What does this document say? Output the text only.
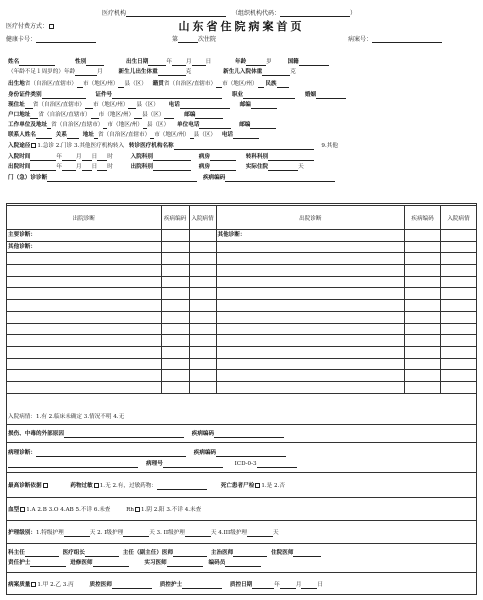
医疗机构	（组织机构代码：	）
医疗付费方式：	山东省住院病案首页
健康卡号：	第	次住院	病案号：
姓名	性别	出生日期	年	月	日	年龄	岁	国籍
（年龄不足１周岁的）年龄	月	新生儿出生体重	克	新生儿入院体重	克
出生地省（自治区/直辖市） 市（地区/州） 县（区） 籍贯省（自治区/直辖市） 市（地区/州） 民族
身份证件类别	证件号	职业	婚姻
现住址 省（自治区/直辖市） 市（地区/州） 县（区） 电话	邮编
户口地址 省（自治区/直辖市） 市（地区/州） 县（区）	邮编
工作单位及地址 省（自治区/直辖市） 市（地区/州） 县（区） 单位电话	邮编
联系人姓名	关系	地址 省（自治区/直辖市） 市（地区/州） 县（区） 电话
入院途径 1.急诊 2.门诊 3.其他医疗机构转入 转诊医疗机构名称	9.其他
入院时间	年	月 日 时	入院科别	病房	转科科别
出院时间	年	月 日 时	出院科别	病房	实际住院	天
门（急）诊诊断	疾病编码
出院诊断	疾病编码	入院病情	出院诊断	疾病编码	入院病情
主要诊断：			其他诊断：		
其他诊断：					

入院病情：1.有 2.临床未确定 3.情况不明 4.无
损伤、中毒的外部原因	疾病编码
病理诊断：	疾病编码
病理号	ICD-0-3
最高诊断依据	药物过敏 1.无 2.有，过敏药物：	死亡患者尸检 1.是 2.否
血型 1.A 2.B 3.O 4.AB 5.不详 6.未查	Rh 1.阴 2.阳 3.不详 4.未查
护理级别：1.特级护理	天 2. I级护理	天 3. II级护理	天 4.III级护理	天
科主任	医疗组长	主任（副主任）医师	主治医师	住院医师
责任护士	进修医师	实习医师	编码员
病案质量 1.甲 2.乙 3.丙	质控医师	质控护士	质控日期	年	月	日
